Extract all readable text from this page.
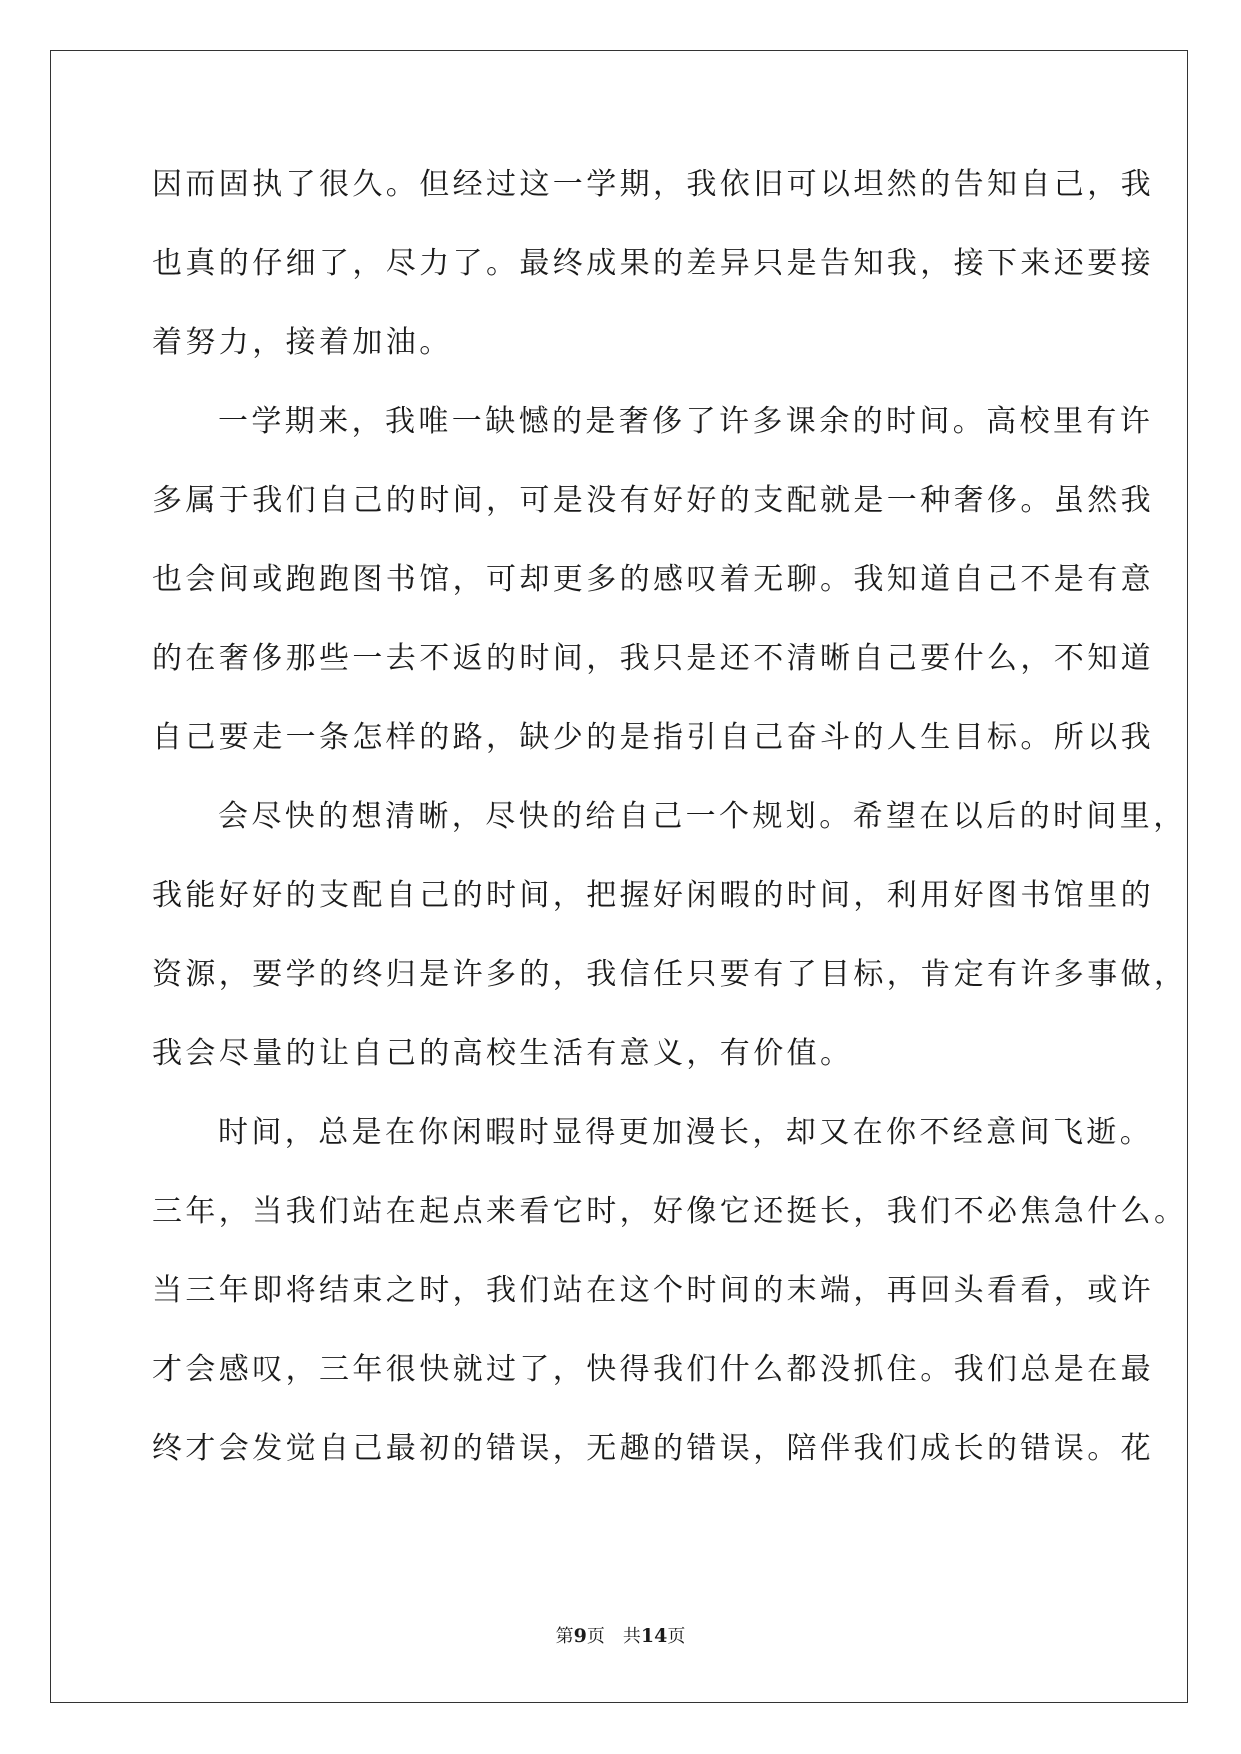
因而固执了很久。但经过这一学期，我依旧可以坦然的告知自己，我
也真的仔细了，尽力了。最终成果的差异只是告知我，接下来还要接
着努力，接着加油。
一学期来，我唯一缺憾的是奢侈了许多课余的时间。高校里有许
多属于我们自己的时间，可是没有好好的支配就是一种奢侈。虽然我
也会间或跑跑图书馆，可却更多的感叹着无聊。我知道自己不是有意
的在奢侈那些一去不返的时间，我只是还不清晰自己要什么，不知道
自己要走一条怎样的路，缺少的是指引自己奋斗的人生目标。所以我
会尽快的想清晰，尽快的给自己一个规划。希望在以后的时间里，
我能好好的支配自己的时间，把握好闲暇的时间，利用好图书馆里的
资源，要学的终归是许多的，我信任只要有了目标，肯定有许多事做，
我会尽量的让自己的高校生活有意义，有价值。
时间，总是在你闲暇时显得更加漫长，却又在你不经意间飞逝。
三年，当我们站在起点来看它时，好像它还挺长，我们不必焦急什么。
当三年即将结束之时，我们站在这个时间的末端，再回头看看，或许
才会感叹，三年很快就过了，快得我们什么都没抓住。我们总是在最
终才会发觉自己最初的错误，无趣的错误，陪伴我们成长的错误。花
第9页 共14页
